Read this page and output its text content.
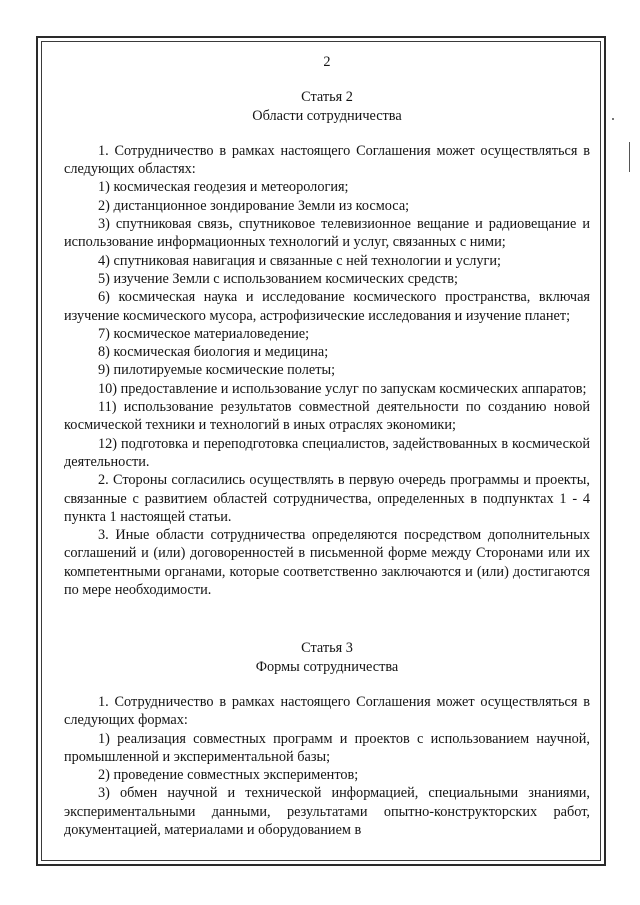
2
Статья 2
Области сотрудничества

1. Сотрудничество в рамках настоящего Соглашения может осуществляться в следующих областях:

1) космическая геодезия и метеорология;

2) дистанционное зондирование Земли из космоса;

3) спутниковая связь, спутниковое телевизионное вещание и радиовещание и использование информационных технологий и услуг, связанных с ними;

4) спутниковая навигация и связанные с ней технологии и услуги;

5) изучение Земли с использованием космических средств;

6) космическая наука и исследование космического пространства, включая изучение космического мусора, астрофизические исследования и изучение планет;

7) космическое материаловедение;

8) космическая биология и медицина;

9) пилотируемые космические полеты;

10) предоставление и использование услуг по запускам космических аппаратов;

11) использование результатов совместной деятельности по созданию новой космической техники и технологий в иных отраслях экономики;

12) подготовка и переподготовка специалистов, задействованных в космической деятельности.

2. Стороны согласились осуществлять в первую очередь программы и проекты, связанные с развитием областей сотрудничества, определенных в подпунктах 1 - 4 пункта 1 настоящей статьи.

3. Иные области сотрудничества определяются посредством дополнительных соглашений и (или) договоренностей в письменной форме между Сторонами или их компетентными органами, которые соответственно заключаются и (или) достигаются по мере необходимости.

Статья 3
Формы сотрудничества

1. Сотрудничество в рамках настоящего Соглашения может осуществляться в следующих формах:

1) реализация совместных программ и проектов с использованием научной, промышленной и экспериментальной базы;

2) проведение совместных экспериментов;

3) обмен научной и технической информацией, специальными знаниями, экспериментальными данными, результатами опытно-конструкторских работ, документацией, материалами и оборудованием в
